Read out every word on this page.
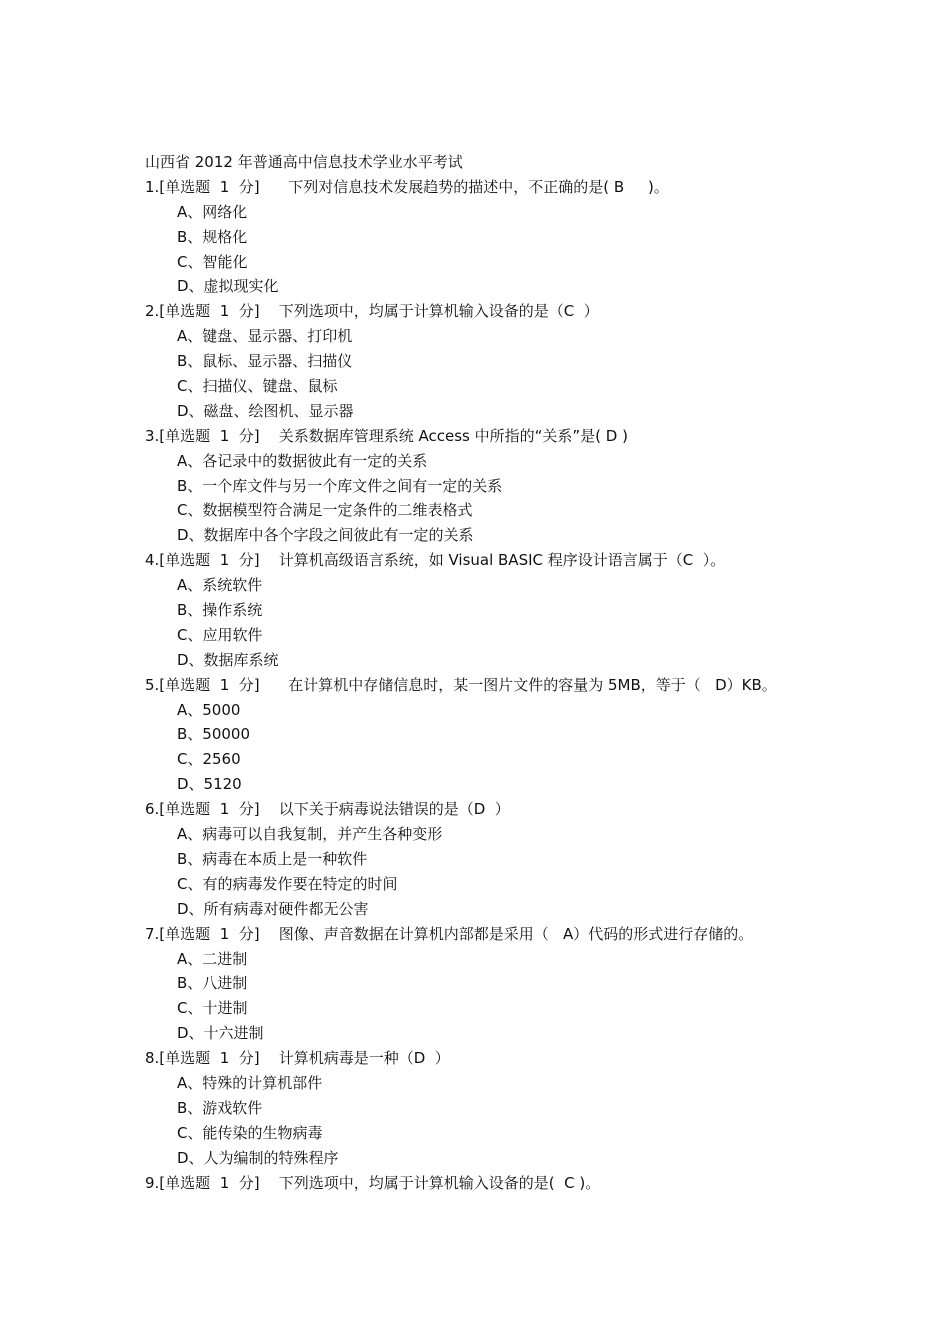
山西省 2012 年普通高中信息技术学业水平考试
1.[单选题  1  分]      下列对信息技术发展趋势的描述中，不正确的是( B     )。
A、网络化
B、规格化
C、智能化
D、虚拟现实化
2.[单选题  1  分]    下列选项中，均属于计算机输入设备的是（C  ）
A、键盘、显示器、打印机
B、鼠标、显示器、扫描仪
C、扫描仪、键盘、鼠标
D、磁盘、绘图机、显示器
3.[单选题  1  分]    关系数据库管理系统 Access 中所指的“关系”是( D )
A、各记录中的数据彼此有一定的关系
B、一个库文件与另一个库文件之间有一定的关系
C、数据模型符合满足一定条件的二维表格式
D、数据库中各个字段之间彼此有一定的关系
4.[单选题  1  分]    计算机高级语言系统，如 Visual BASIC 程序设计语言属于（C  ）。
A、系统软件
B、操作系统
C、应用软件
D、数据库系统
5.[单选题  1  分]      在计算机中存储信息时，某一图片文件的容量为 5MB，等于（   D）KB。
A、5000
B、50000
C、2560
D、5120
6.[单选题  1  分]    以下关于病毒说法错误的是（D  ）
A、病毒可以自我复制，并产生各种变形
B、病毒在本质上是一种软件
C、有的病毒发作要在特定的时间
D、所有病毒对硬件都无公害
7.[单选题  1  分]    图像、声音数据在计算机内部都是采用（   A）代码的形式进行存储的。
A、二进制
B、八进制
C、十进制
D、十六进制
8.[单选题  1  分]    计算机病毒是一种（D  ）
A、特殊的计算机部件
B、游戏软件
C、能传染的生物病毒
D、人为编制的特殊程序
9.[单选题  1  分]    下列选项中，均属于计算机输入设备的是(  C )。
